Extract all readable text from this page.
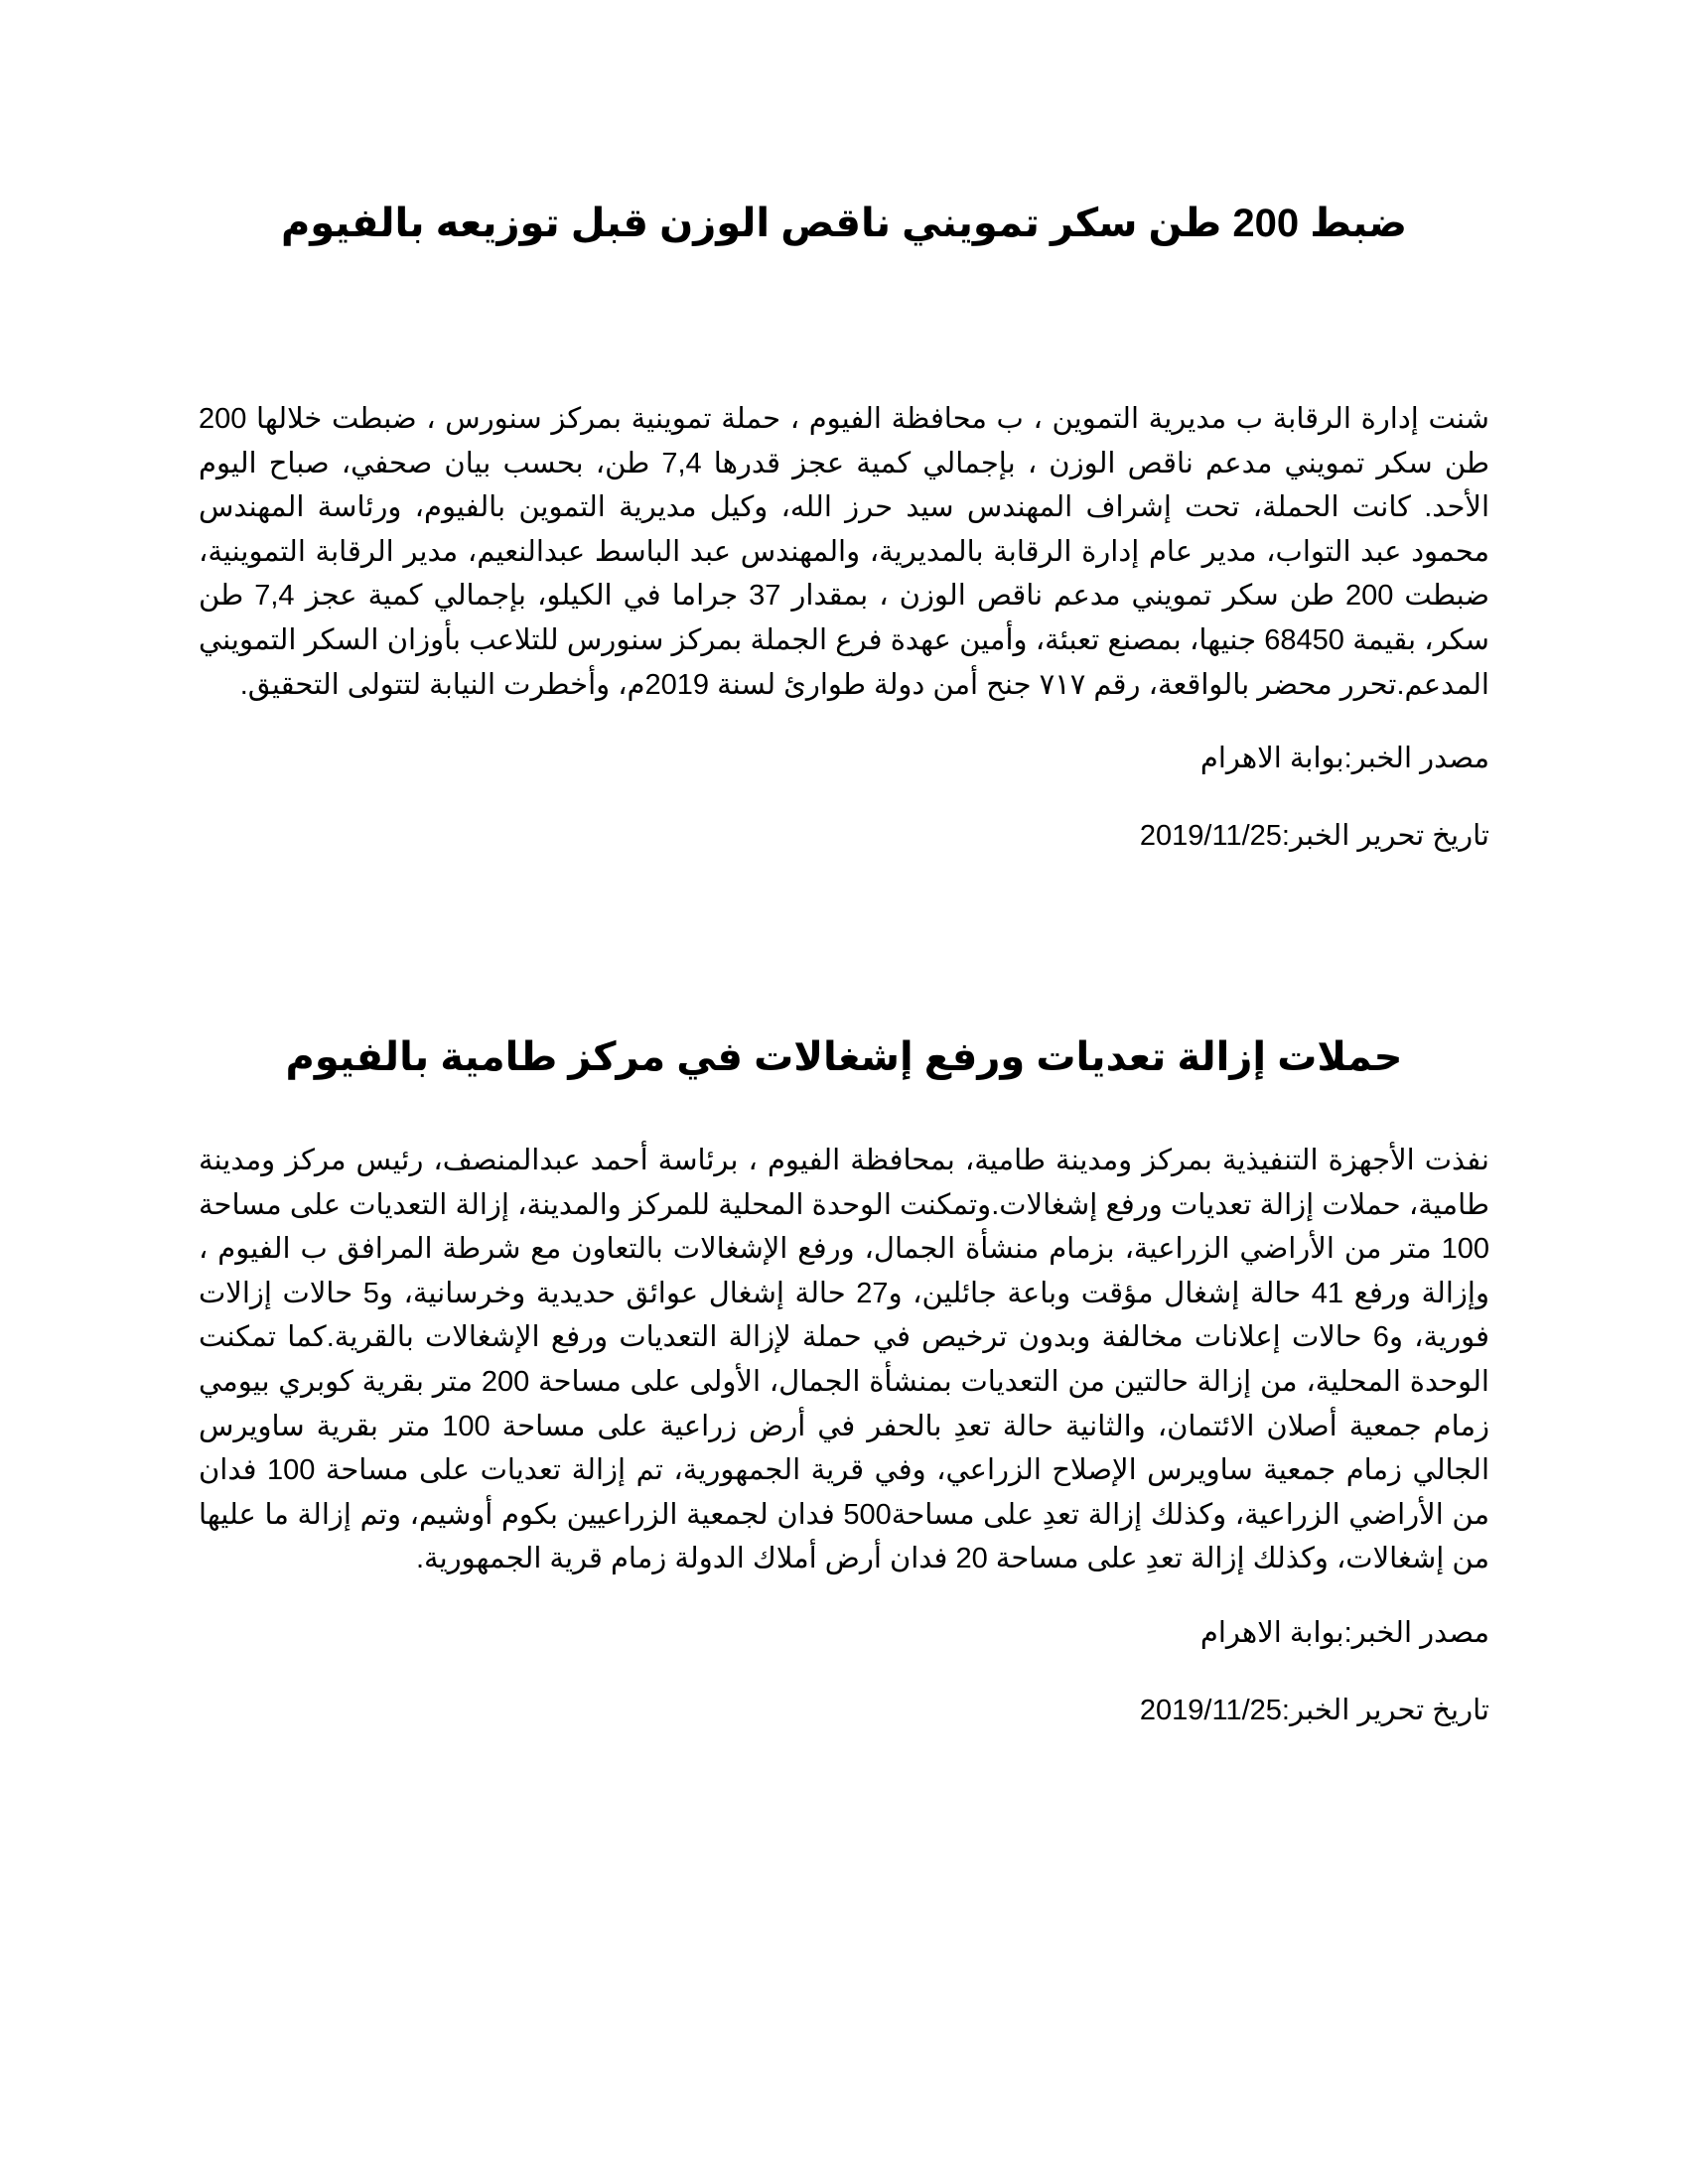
ضبط 200 طن سكر تمويني ناقص الوزن قبل توزيعه بالفيوم

شنت إدارة الرقابة ب مديرية التموين ، ب محافظة الفيوم ، حملة تموينية بمركز سنورس ، ضبطت خلالها 200 طن سكر تمويني مدعم ناقص الوزن ، بإجمالي كمية عجز قدرها 7,4 طن، بحسب بيان صحفي، صباح اليوم الأحد. كانت الحملة، تحت إشراف المهندس سيد حرز الله، وكيل مديرية التموين بالفيوم، ورئاسة المهندس محمود عبد التواب، مدير عام إدارة الرقابة بالمديرية، والمهندس عبد الباسط عبدالنعيم، مدير الرقابة التموينية، ضبطت 200 طن سكر تمويني مدعم ناقص الوزن ، بمقدار 37 جراما في الكيلو، بإجمالي كمية عجز 7,4 طن سكر، بقيمة 68450 جنيها، بمصنع تعبئة، وأمين عهدة فرع الجملة بمركز سنورس للتلاعب بأوزان السكر التمويني المدعم.تحرر محضر بالواقعة، رقم ٧١٧ جنح أمن دولة طوارئ لسنة 2019م، وأخطرت النيابة لتتولى التحقيق.

مصدر الخبر:بوابة الاهرام

تاريخ تحرير الخبر:2019/11/25

حملات إزالة تعديات ورفع إشغالات في مركز طامية بالفيوم

نفذت الأجهزة التنفيذية بمركز ومدينة طامية، بمحافظة الفيوم ، برئاسة أحمد عبدالمنصف، رئيس مركز ومدينة طامية، حملات إزالة تعديات ورفع إشغالات.وتمكنت الوحدة المحلية للمركز والمدينة، إزالة التعديات على مساحة 100 متر من الأراضي الزراعية، بزمام منشأة الجمال، ورفع الإشغالات بالتعاون مع شرطة المرافق ب الفيوم ، وإزالة ورفع 41 حالة إشغال مؤقت وباعة جائلين، و27 حالة إشغال عوائق حديدية وخرسانية، و5 حالات إزالات فورية، و6 حالات إعلانات مخالفة وبدون ترخيص في حملة لإزالة التعديات ورفع الإشغالات بالقرية.كما تمكنت الوحدة المحلية، من إزالة حالتين من التعديات بمنشأة الجمال، الأولى على مساحة 200 متر بقرية كوبري بيومي زمام جمعية أصلان الائتمان، والثانية حالة تعدِ بالحفر في أرض زراعية على مساحة 100 متر بقرية ساويرس الجالي زمام جمعية ساويرس الإصلاح الزراعي، وفي قرية الجمهورية، تم إزالة تعديات على مساحة 100 فدان من الأراضي الزراعية، وكذلك إزالة تعدِ على مساحة500 فدان لجمعية الزراعيين بكوم أوشيم، وتم إزالة ما عليها من إشغالات، وكذلك إزالة تعدِ على مساحة 20 فدان أرض أملاك الدولة زمام قرية الجمهورية.

مصدر الخبر:بوابة الاهرام

تاريخ تحرير الخبر:2019/11/25
